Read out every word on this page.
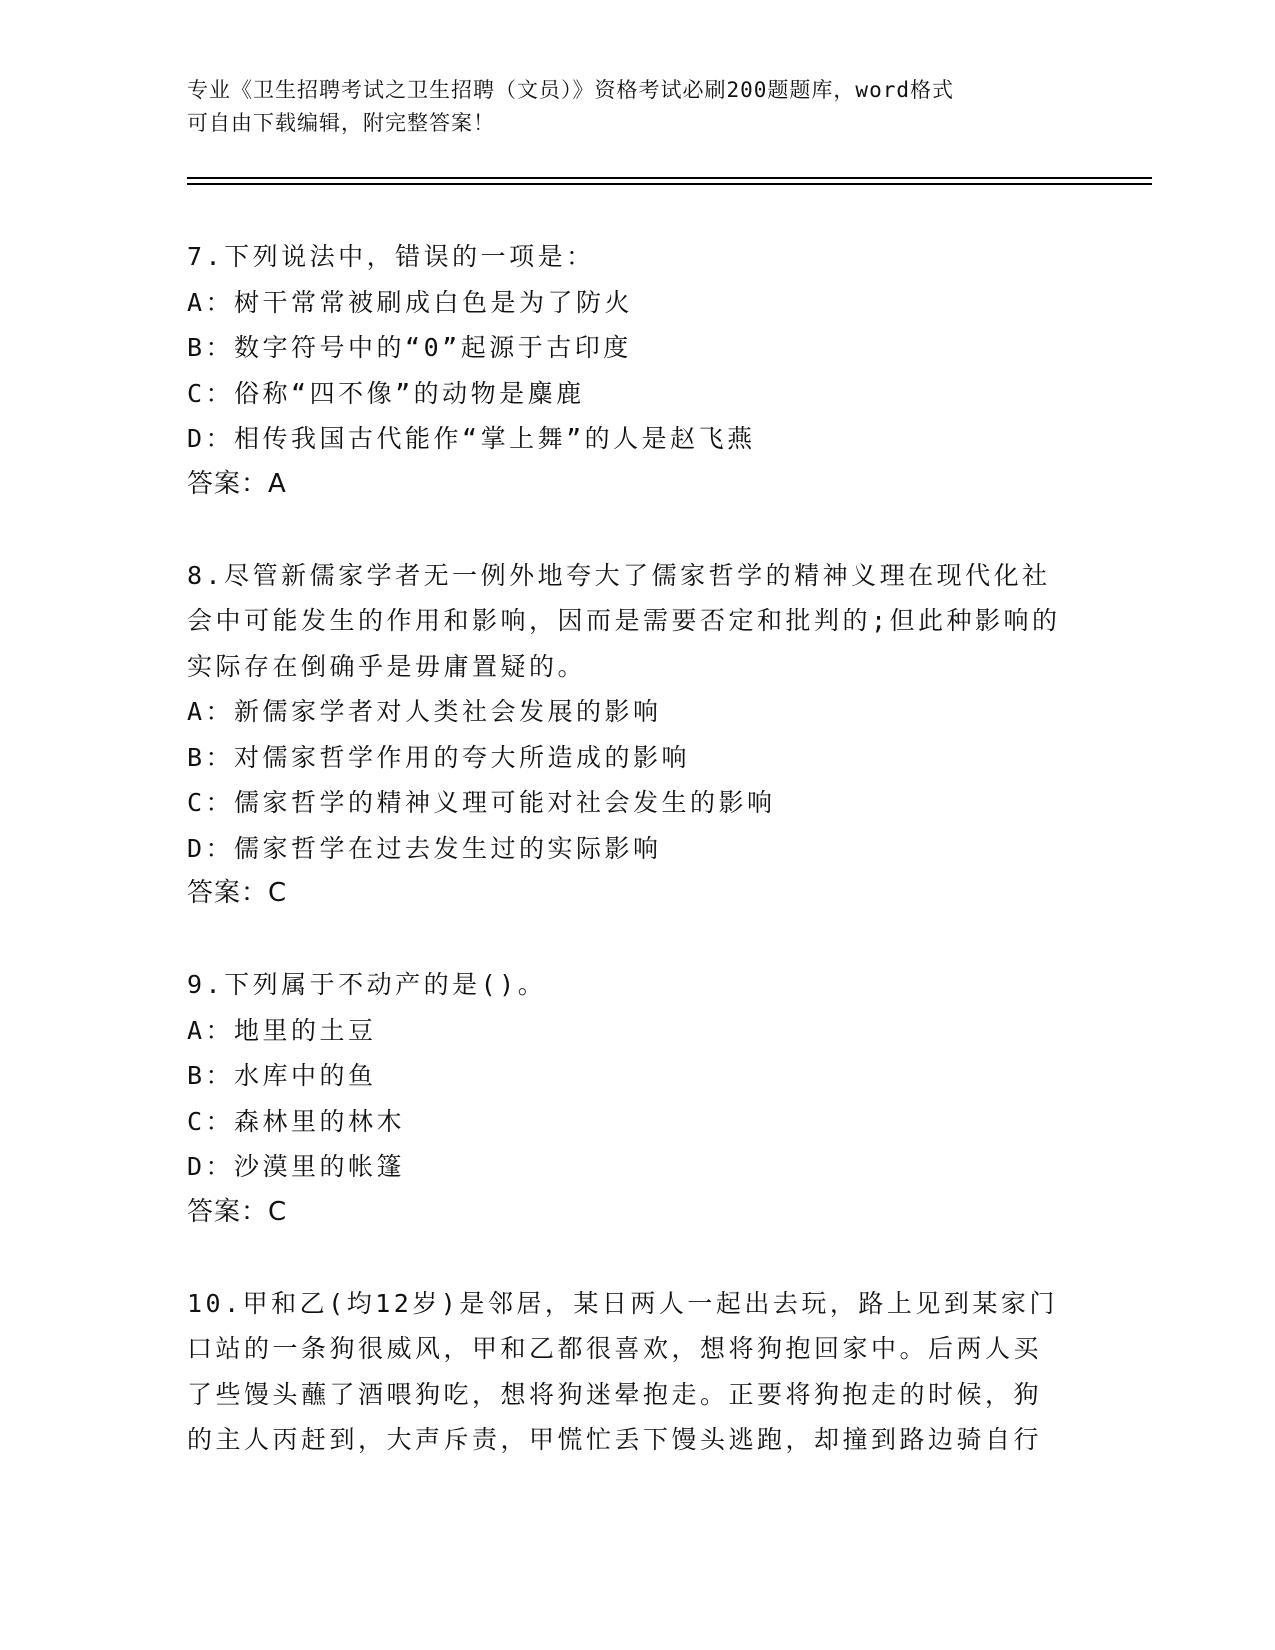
专业《卫生招聘考试之卫生招聘（文员）》资格考试必刷200题题库，word格式
可自由下载编辑，附完整答案！

7.下列说法中，错误的一项是：

A：树干常常被刷成白色是为了防火

B：数字符号中的“0”起源于古印度

C：俗称“四不像”的动物是麋鹿

D：相传我国古代能作“掌上舞”的人是赵飞燕

答案：A

8.尽管新儒家学者无一例外地夸大了儒家哲学的精神义理在现代化社

会中可能发生的作用和影响，因而是需要否定和批判的;但此种影响的

实际存在倒确乎是毋庸置疑的。

A：新儒家学者对人类社会发展的影响

B：对儒家哲学作用的夸大所造成的影响

C：儒家哲学的精神义理可能对社会发生的影响

D：儒家哲学在过去发生过的实际影响

答案：C

9.下列属于不动产的是()。

A：地里的土豆

B：水库中的鱼

C：森林里的林木

D：沙漠里的帐篷

答案：C

10.甲和乙(均12岁)是邻居，某日两人一起出去玩，路上见到某家门

口站的一条狗很威风，甲和乙都很喜欢，想将狗抱回家中。后两人买

了些馒头蘸了酒喂狗吃，想将狗迷晕抱走。正要将狗抱走的时候，狗

的主人丙赶到，大声斥责，甲慌忙丢下馒头逃跑，却撞到路边骑自行
